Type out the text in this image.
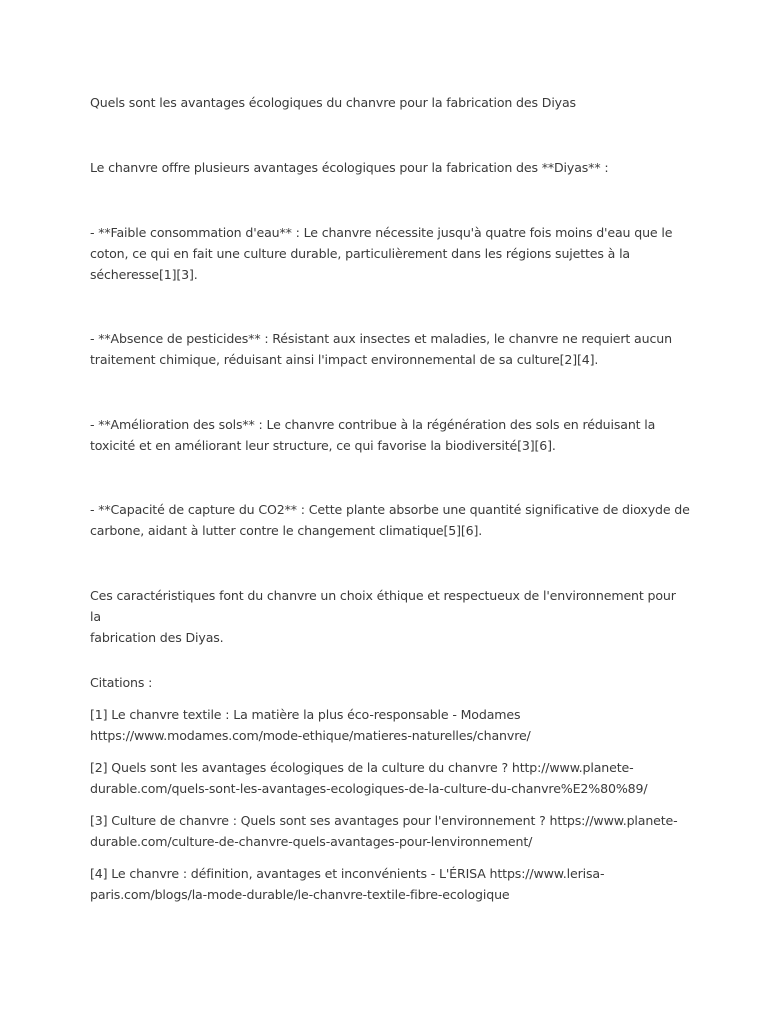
Quels sont les avantages écologiques du chanvre pour la fabrication des Diyas

Le chanvre offre plusieurs avantages écologiques pour la fabrication des **Diyas** :

- **Faible consommation d'eau** : Le chanvre nécessite jusqu'à quatre fois moins d'eau que le
coton, ce qui en fait une culture durable, particulièrement dans les régions sujettes à la
sécheresse[1][3].

- **Absence de pesticides** : Résistant aux insectes et maladies, le chanvre ne requiert aucun
traitement chimique, réduisant ainsi l'impact environnemental de sa culture[2][4].

- **Amélioration des sols** : Le chanvre contribue à la régénération des sols en réduisant la
toxicité et en améliorant leur structure, ce qui favorise la biodiversité[3][6].

- **Capacité de capture du CO2** : Cette plante absorbe une quantité significative de dioxyde de
carbone, aidant à lutter contre le changement climatique[5][6].

Ces caractéristiques font du chanvre un choix éthique et respectueux de l'environnement pour la
fabrication des Diyas.

Citations :

[1] Le chanvre textile : La matière la plus éco-responsable - Modames
https://www.modames.com/mode-ethique/matieres-naturelles/chanvre/

[2] Quels sont les avantages écologiques de la culture du chanvre ? http://www.planete-
durable.com/quels-sont-les-avantages-ecologiques-de-la-culture-du-chanvre%E2%80%89/

[3] Culture de chanvre : Quels sont ses avantages pour l'environnement ? https://www.planete-
durable.com/culture-de-chanvre-quels-avantages-pour-lenvironnement/

[4] Le chanvre : définition, avantages et inconvénients - L'ÉRISA https://www.lerisa-
paris.com/blogs/la-mode-durable/le-chanvre-textile-fibre-ecologique
